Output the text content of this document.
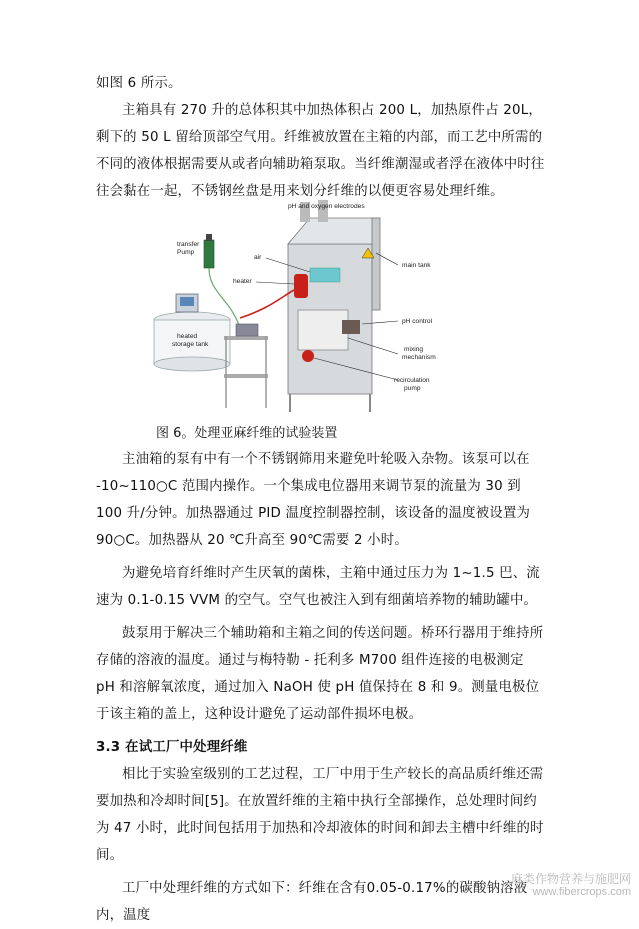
如图 6 所示。

主箱具有 270 升的总体积其中加热体积占 200 L，加热原件占 20L，剩下的 50 L 留给顶部空气用。纤维被放置在主箱的内部，而工艺中所需的不同的液体根据需要从或者向辅助箱泵取。当纤维潮湿或者浮在液体中时往往会黏在一起，不锈钢丝盘是用来划分纤维的以便更容易处理纤维。

pH and oxygen electrodes
transfer
Pump
air
main tank
heater
heated
storage tank
pH control
mixing
mechanism
recirculation
pump
图 6。处理亚麻纤维的试验装置

主油箱的泵有中有一个不锈钢筛用来避免叶轮吸入杂物。该泵可以在 -10~110○C 范围内操作。一个集成电位器用来调节泵的流量为 30 到 100 升/分钟。加热器通过 PID 温度控制器控制，该设备的温度被设置为 90○C。加热器从 20 ℃升高至 90℃需要 2 小时。

为避免培育纤维时产生厌氧的菌株，主箱中通过压力为 1~1.5 巴、流速为 0.1-0.15 VVM 的空气。空气也被注入到有细菌培养物的辅助罐中。

鼓泵用于解决三个辅助箱和主箱之间的传送问题。桥环行器用于维持所存储的溶液的温度。通过与梅特勒 - 托利多 M700 组件连接的电极测定 pH 和溶解氧浓度，通过加入 NaOH 使 pH 值保持在 8 和 9。测量电极位于该主箱的盖上，这种设计避免了运动部件损坏电极。

3.3 在试工厂中处理纤维

相比于实验室级别的工艺过程，工厂中用于生产较长的高品质纤维还需要加热和冷却时间[5]。在放置纤维的主箱中执行全部操作，总处理时间约为 47 小时，此时间包括用于加热和冷却液体的时间和卸去主槽中纤维的时间。

工厂中处理纤维的方式如下：纤维在含有0.05-0.17%的碳酸钠溶液内，温度

麻类作物营养与施肥网
www.fibercrops.com
